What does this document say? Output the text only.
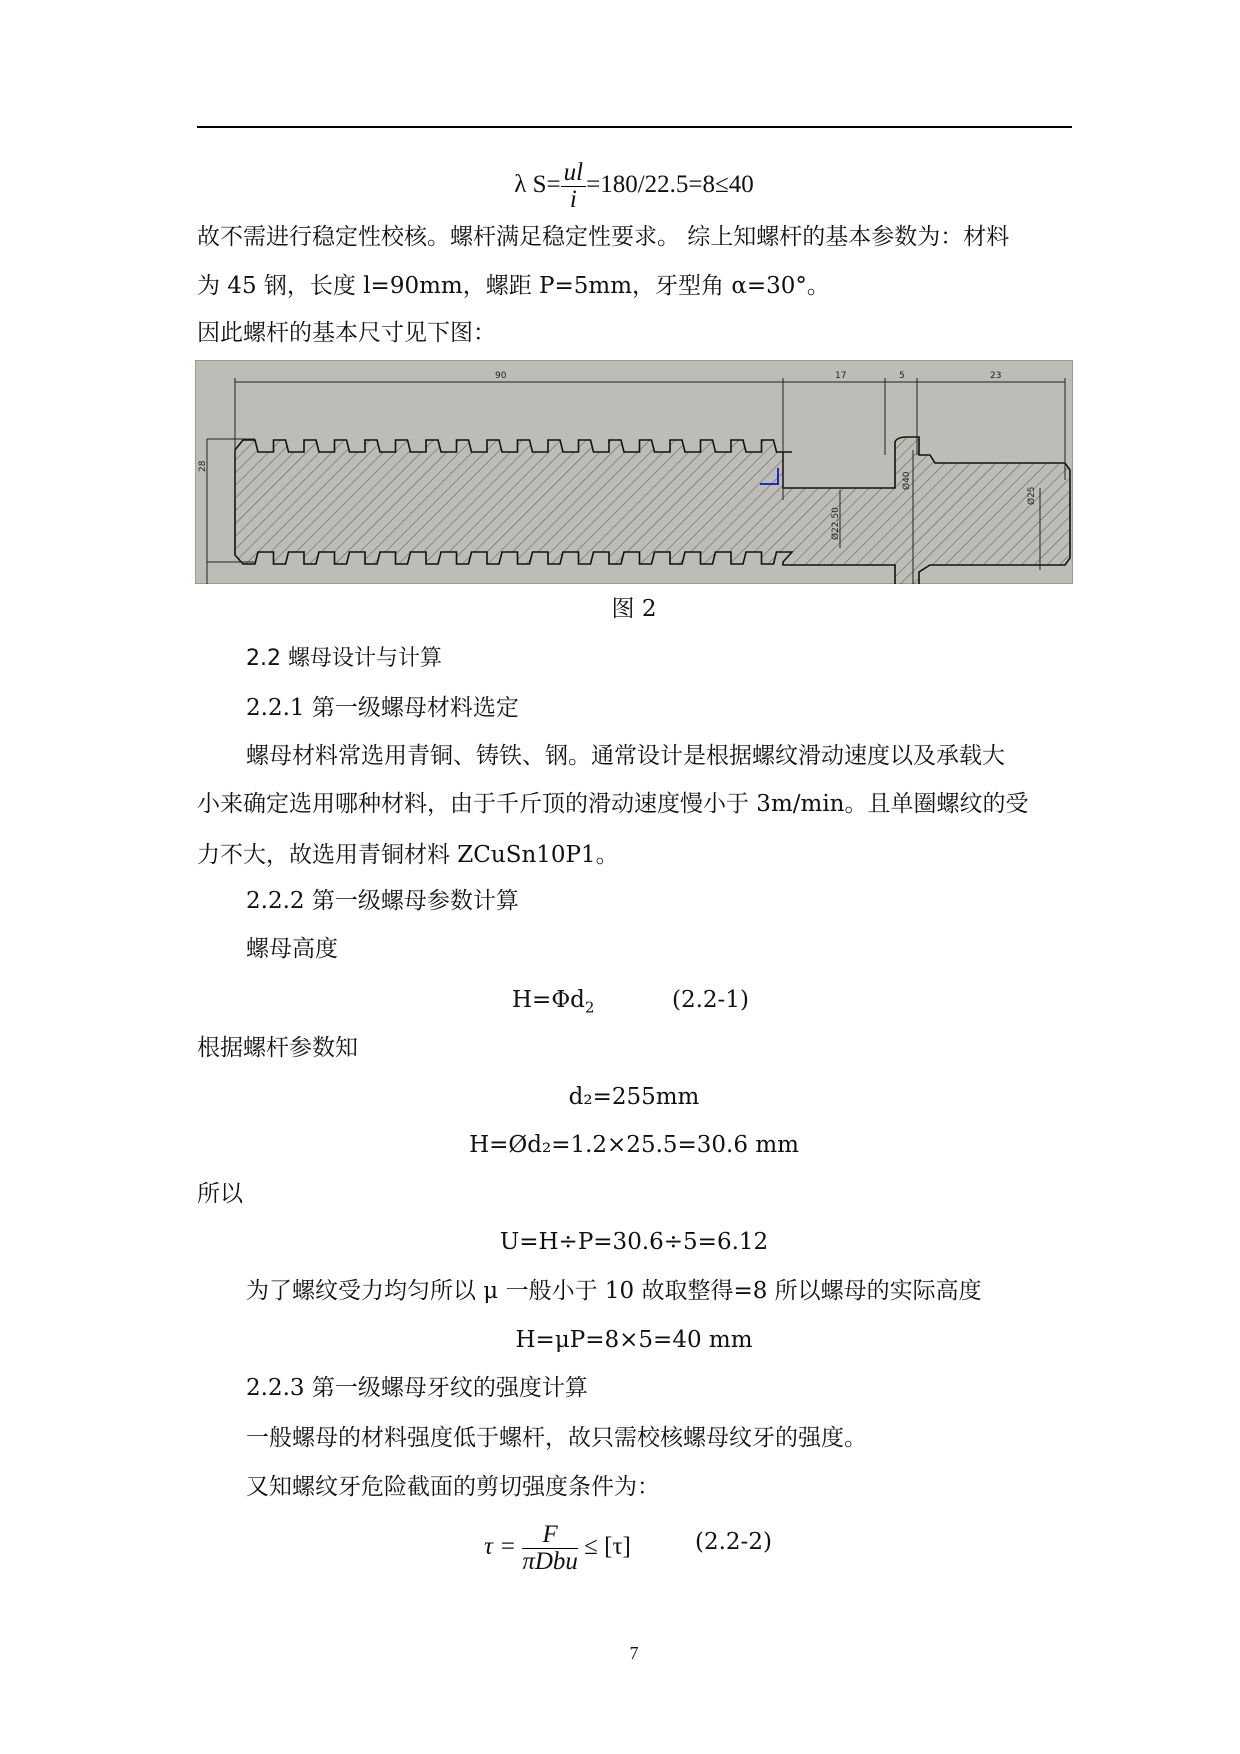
λ $S= \frac{ul}{i} =180/22.5=8\le 40$
故不需进行稳定性校核。螺杆满足稳定性要求。 综上知螺杆的基本参数为：材料
为 45 钢，长度 l=90mm，螺距 P=5mm，牙型角 α=30°。
因此螺杆的基本尺寸见下图：
90	17	5	23
28
Ø22.50
Ø40
Ø25
图 2
2.2 螺母设计与计算
2.2.1 第一级螺母材料选定
螺母材料常选用青铜、铸铁、钢。通常设计是根据螺纹滑动速度以及承载大
小来确定选用哪种材料，由于千斤顶的滑动速度慢小于 3m/min。且单圈螺纹的受
力不大，故选用青铜材料 ZCuSn10P1。
2.2.2 第一级螺母参数计算
螺母高度
$H=\Phi d_2$	(2.2-1)
根据螺杆参数知
d₂=255mm
H=Ød₂=1.2×25.5=30.6 mm
所以
U=H÷P=30.6÷5=6.12
为了螺纹受力均匀所以 μ 一般小于 10 故取整得=8 所以螺母的实际高度
H=μP=8×5=40 mm
2.2.3 第一级螺母牙纹的强度计算
一般螺母的材料强度低于螺杆，故只需校核螺母纹牙的强度。
又知螺纹牙危险截面的剪切强度条件为：
$\tau = \frac{F}{\text{πDbu}} \le [\tau]$	(2.2-2)
7
